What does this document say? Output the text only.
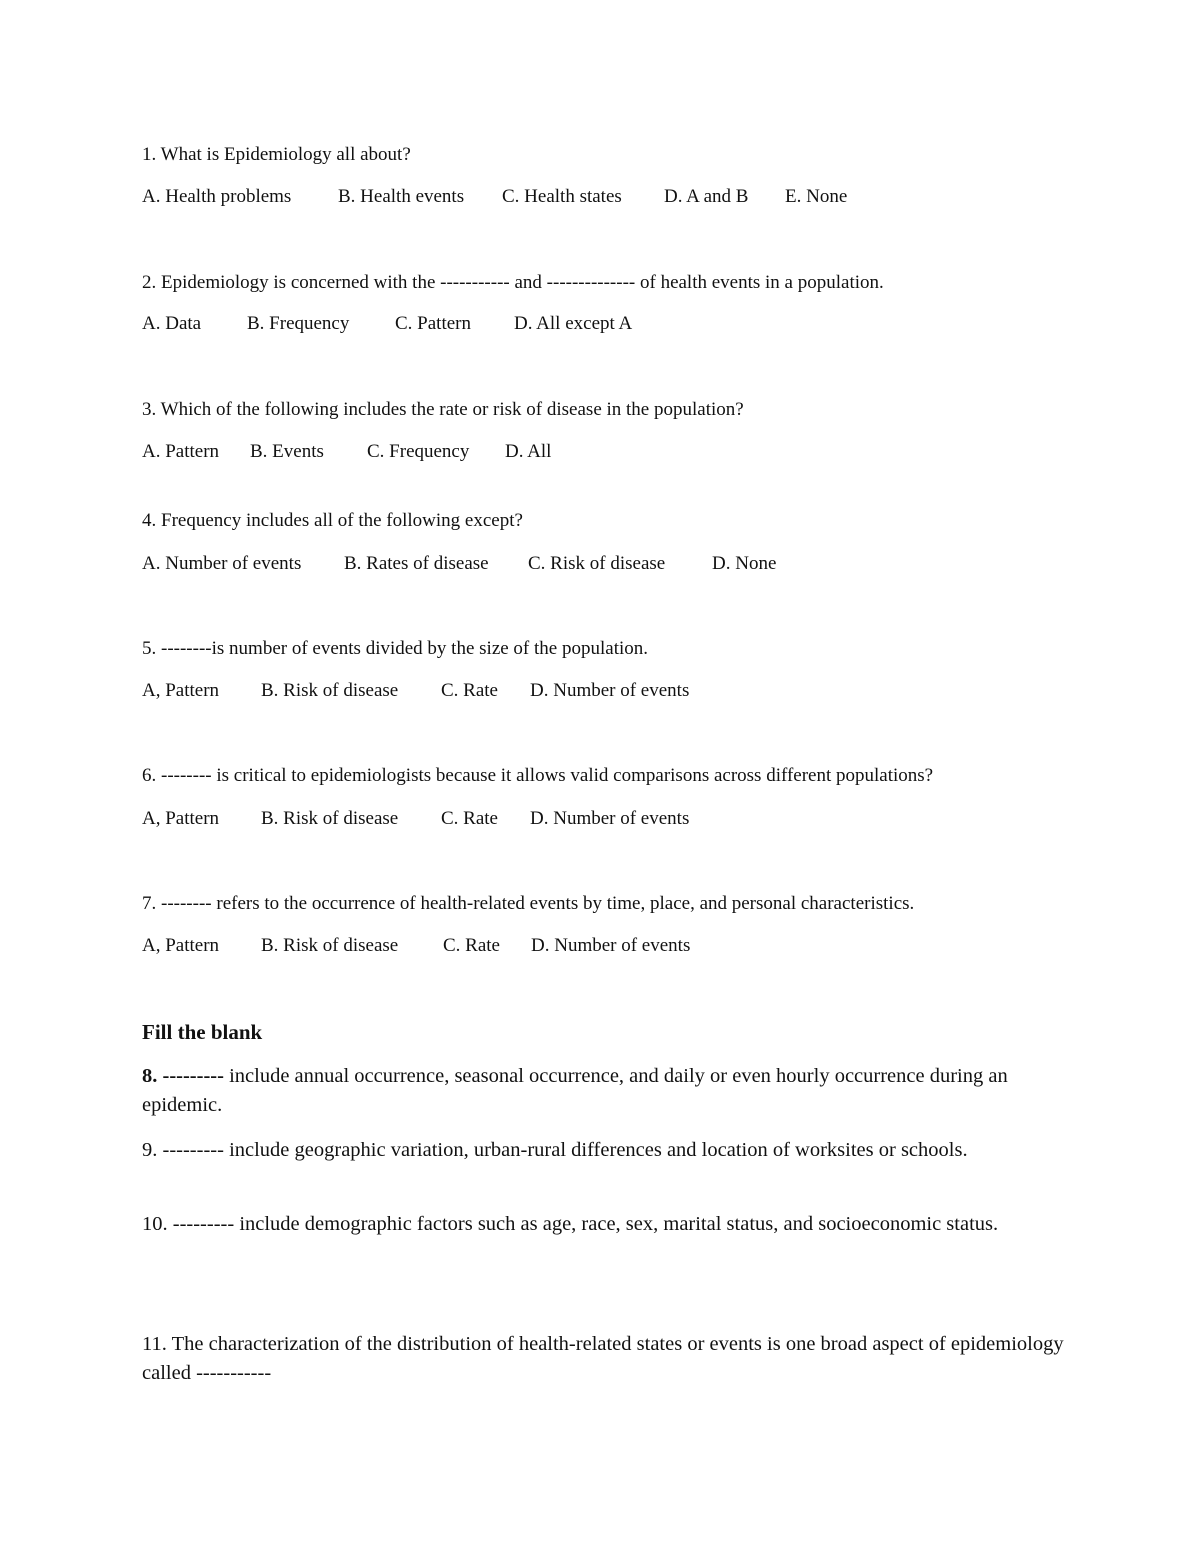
1. What is Epidemiology all about?
A. Health problems B. Health events C. Health states D. A and B E. None
2. Epidemiology is concerned with the ----------- and -------------- of health events in a population.
A. Data B. Frequency C. Pattern D. All except A
3. Which of the following includes the rate or risk of disease in the population?
A. Pattern B. Events C. Frequency D. All
4. Frequency includes all of the following except?
A. Number of events B. Rates of disease C. Risk of disease D. None
5. --------is number of events divided by the size of the population.
A, Pattern B. Risk of disease C. Rate D. Number of events
6. -------- is critical to epidemiologists because it allows valid comparisons across different populations?
A, Pattern B. Risk of disease C. Rate D. Number of events
7. -------- refers to the occurrence of health-related events by time, place, and personal characteristics.
A, Pattern B. Risk of disease C. Rate D. Number of events
Fill the blank
8. --------- include annual occurrence, seasonal occurrence, and daily or even hourly occurrence during an epidemic.
9. --------- include geographic variation, urban-rural differences and location of worksites or schools.
10. --------- include demographic factors such as age, race, sex, marital status, and socioeconomic status.
11. The characterization of the distribution of health-related states or events is one broad aspect of epidemiology called -----------
